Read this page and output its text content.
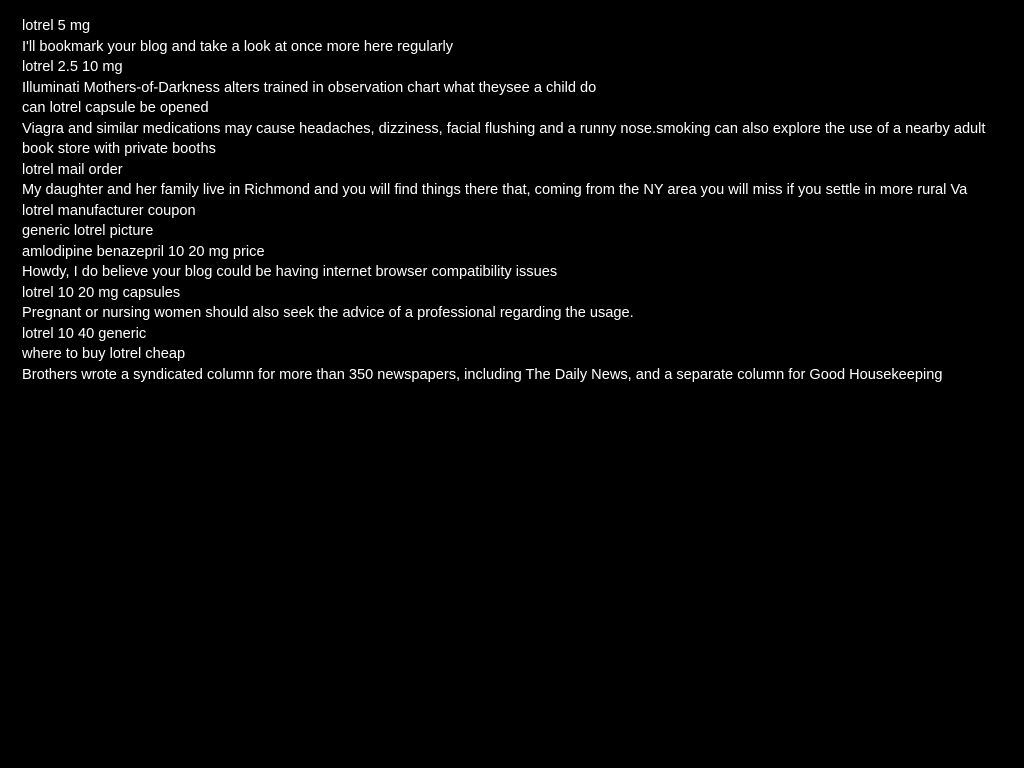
lotrel 5 mg
I'll bookmark your blog and take a look at once more here regularly
lotrel 2.5 10 mg
Illuminati Mothers-of-Darkness alters trained in observation chart what theysee a child do
can lotrel capsule be opened
Viagra and similar medications may cause headaches, dizziness, facial flushing and a runny nose.smoking can also explore the use of a nearby adult book store with private booths
lotrel mail order
My daughter and her family live in Richmond and you will find things there that, coming from the NY area you will miss if you settle in more rural Va
lotrel manufacturer coupon
generic lotrel picture
amlodipine benazepril 10 20 mg price
Howdy, I do believe your blog could be having internet browser compatibility issues
lotrel 10 20 mg capsules
Pregnant or nursing women should also seek the advice of a professional regarding the usage.
lotrel 10 40 generic
where to buy lotrel cheap
Brothers wrote a syndicated column for more than 350 newspapers, including The Daily News, and a separate column for Good Housekeeping
